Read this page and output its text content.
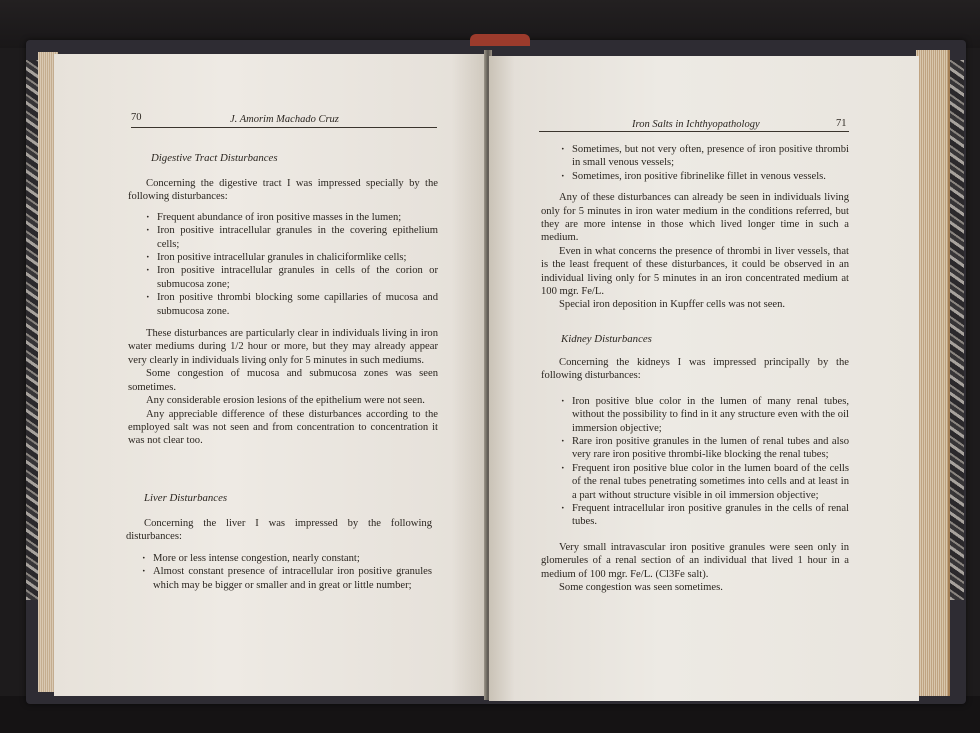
70	J. Amorim Machado Cruz
Digestive Tract Disturbances

Concerning the digestive tract I was impressed specially by the following disturbances:

· Frequent abundance of iron positive masses in the lumen;
· Iron positive intracellular granules in the covering epithelium cells;
· Iron positive intracellular granules in chaliciformlike cells;
· Iron positive intracellular granules in cells of the corion or submucosa zone;
· Iron positive thrombi blocking some capillaries of mucosa and submucosa zone.

These disturbances are particularly clear in individuals living in iron water mediums during 1/2 hour or more, but they may already appear very clearly in individuals living only for 5 minutes in such mediums.

Some congestion of mucosa and submucosa zones was seen sometimes.

Any considerable erosion lesions of the epithelium were not seen.

Any appreciable difference of these disturbances according to the employed salt was not seen and from concentration to concentration it was not clear too.

Liver Disturbances

Concerning the liver I was impressed by the following disturbances:

· More or less intense congestion, nearly constant;
· Almost constant presence of intracellular iron positive granules which may be bigger or smaller and in great or little number;
Iron Salts in Ichthyopathology	71
· Sometimes, but not very often, presence of iron positive thrombi in small venous vessels;
· Sometimes, iron positive fibrinelike fillet in venous vessels.

Any of these disturbances can already be seen in individuals living only for 5 minutes in iron water medium in the conditions referred, but they are more intense in those which lived longer time in such a medium.

Even in what concerns the presence of thrombi in liver vessels, that is the least frequent of these disturbances, it could be observed in an individual living only for 5 minutes in an iron concentrated medium at 100 mgr. Fe/L.

Special iron deposition in Kupffer cells was not seen.

Kidney Disturbances

Concerning the kidneys I was impressed principally by the following disturbances:

· Iron positive blue color in the lumen of many renal tubes, without the possibility to find in it any structure even with the oil immersion objective;
· Rare iron positive granules in the lumen of renal tubes and also very rare iron positive thrombi-like blocking the renal tubes;
· Frequent iron positive blue color in the lumen board of the cells of the renal tubes penetrating sometimes into cells and at least in a part without structure visible in oil immersion objective;
· Frequent intracellular iron positive granules in the cells of renal tubes.

Very small intravascular iron positive granules were seen only in glomerules of a renal section of an individual that lived 1 hour in a medium of 100 mgr. Fe/L. (Cl3Fe salt).

Some congestion was seen sometimes.
